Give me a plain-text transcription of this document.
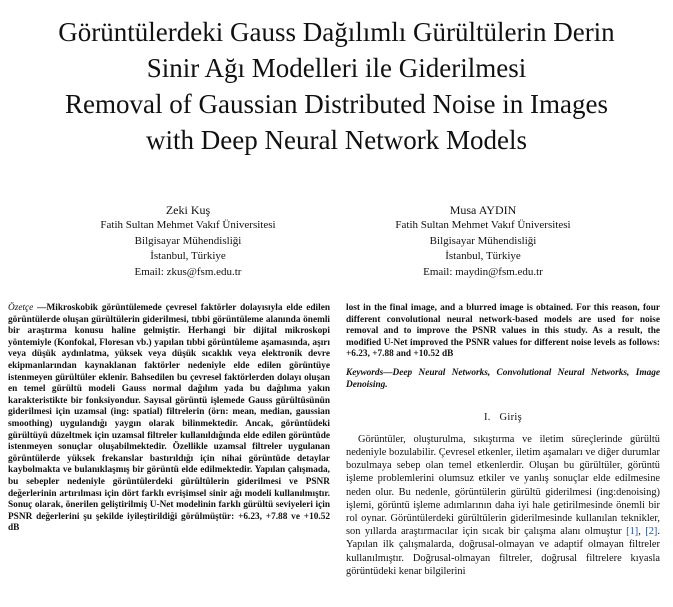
Görüntülerdeki Gauss Dağılımlı Gürültülerin Derin
Sinir Ağı Modelleri ile Giderilmesi
Removal of Gaussian Distributed Noise in Images
with Deep Neural Network Models
Zeki Kuş
Fatih Sultan Mehmet Vakıf Üniversitesi
Bilgisayar Mühendisliği
İstanbul, Türkiye
Email: zkus@fsm.edu.tr
Musa AYDIN
Fatih Sultan Mehmet Vakıf Üniversitesi
Bilgisayar Mühendisliği
İstanbul, Türkiye
Email: maydin@fsm.edu.tr
Özetçe —Mikroskobik görüntülemede çevresel faktörler dolayısıyla elde edilen görüntülerde oluşan gürültülerin giderilmesi, tıbbi görüntüleme alanında önemli bir araştırma konusu haline gelmiştir. Herhangi bir dijital mikroskopi yöntemiyle (Konfokal, Floresan vb.) yapılan tıbbi görüntüleme aşamasında, aşırı veya düşük aydınlatma, yüksek veya düşük sıcaklık veya elektronik devre ekipmanlarından kaynaklanan faktörler nedeniyle elde edilen görüntüye istenmeyen gürültüler eklenir. Bahsedilen bu çevresel faktörlerden dolayı oluşan en temel gürültü modeli Gauss normal dağılım yada bu dağılıma yakın karakteristikte bir fonksiyondur. Sayısal görüntü işlemede Gauss gürültüsünün giderilmesi için uzamsal (ing: spatial) filtrelerin (örn: mean, median, gaussian smoothing) uygulandığı yaygın olarak bilinmektedir. Ancak, görüntüdeki gürültüyü düzeltmek için uzamsal filtreler kullanıldığında elde edilen görüntüde istenmeyen sonuçlar oluşabilmektedir. Özellikle uzamsal filtreler uygulanan görüntülerde yüksek frekanslar bastırıldığı için nihai görüntüde detaylar kaybolmakta ve bulanıklaşmış bir görüntü elde edilmektedir. Yapılan çalışmada, bu sebepler nedeniyle görüntülerdeki gürültülerin giderilmesi ve PSNR değerlerinin artırılması için dört farklı evrişimsel sinir ağı modeli kullanılmıştır. Sonuç olarak, önerilen geliştirilmiş U-Net modelinin farklı gürültü seviyeleri için PSNR değerlerini şu şekilde iyileştirildiği görülmüştür: +6.23, +7.88 ve +10.52 dB
lost in the final image, and a blurred image is obtained. For this reason, four different convolutional neural network-based models are used for noise removal and to improve the PSNR values in this study. As a result, the modified U-Net improved the PSNR values for different noise levels as follows: +6.23, +7.88 and +10.52 dB
Keywords—Deep Neural Networks, Convolutional Neural Networks, Image Denoising.
I. Giriş
Görüntüler, oluşturulma, sıkıştırma ve iletim süreçlerinde gürültü nedeniyle bozulabilir. Çevresel etkenler, iletim aşamaları ve diğer durumlar bozulmaya sebep olan temel etkenlerdir. Oluşan bu gürültüler, görüntü işleme problemlerini olumsuz etkiler ve yanlış sonuçlar elde edilmesine neden olur. Bu nedenle, görüntülerin gürültü giderilmesi (ing:denoising) işlemi, görüntü işleme adımlarının daha iyi hale getirilmesinde önemli bir rol oynar. Görüntülerdeki gürültülerin giderilmesinde kullanılan teknikler, son yıllarda araştırmacılar için sıcak bir çalışma alanı olmuştur [1], [2]. Yapılan ilk çalışmalarda, doğrusal-olmayan ve adaptif olmayan filtreler kullanılmıştır. Doğrusal-olmayan filtreler, doğrusal filtrelere kıyasla görüntüdeki kenar bilgilerini
